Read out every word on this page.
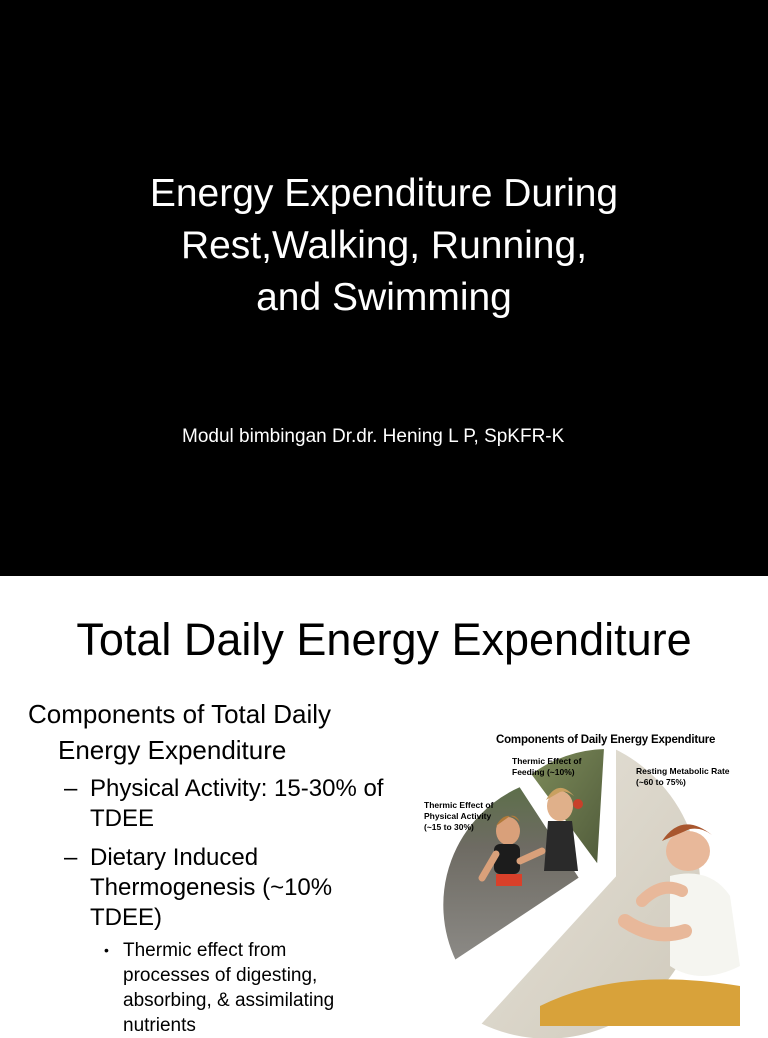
Energy Expenditure During
Rest,Walking, Running,
and Swimming
Modul bimbingan Dr.dr. Hening L P, SpKFR-K
Total Daily Energy Expenditure
Components of Total Daily
Energy Expenditure
– Physical Activity: 15-30% of
TDEE
– Dietary Induced
Thermogenesis (~10%
TDEE)
• Thermic effect from
processes of digesting,
absorbing, & assimilating
nutrients
Components of Daily Energy Expenditure
Thermic Effect of
Feeding (~10%)	Resting Metabolic Rate
(~60 to 75%)
Thermic Effect of
Physical Activity
(~15 to 30%)
